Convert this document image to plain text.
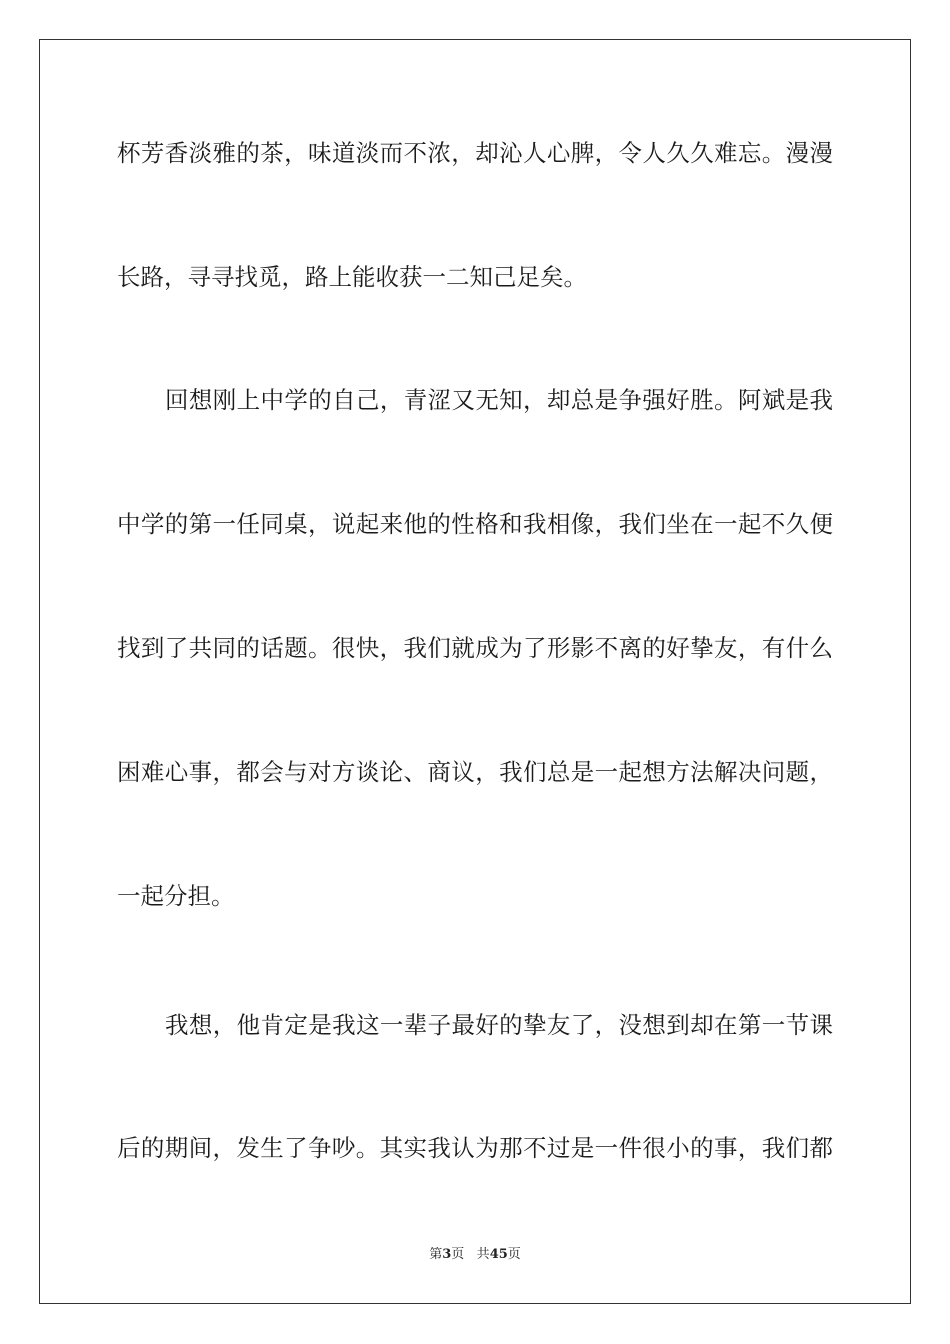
杯芳香淡雅的茶，味道淡而不浓，却沁人心脾，令人久久难忘。漫漫
长路，寻寻找觅，路上能收获一二知己足矣。
回想刚上中学的自己，青涩又无知，却总是争强好胜。阿斌是我
中学的第一任同桌，说起来他的性格和我相像，我们坐在一起不久便
找到了共同的话题。很快，我们就成为了形影不离的好挚友，有什么
困难心事，都会与对方谈论、商议，我们总是一起想方法解决问题，
一起分担。
我想，他肯定是我这一辈子最好的挚友了，没想到却在第一节课
后的期间，发生了争吵。其实我认为那不过是一件很小的事，我们都
第3页 共45页
